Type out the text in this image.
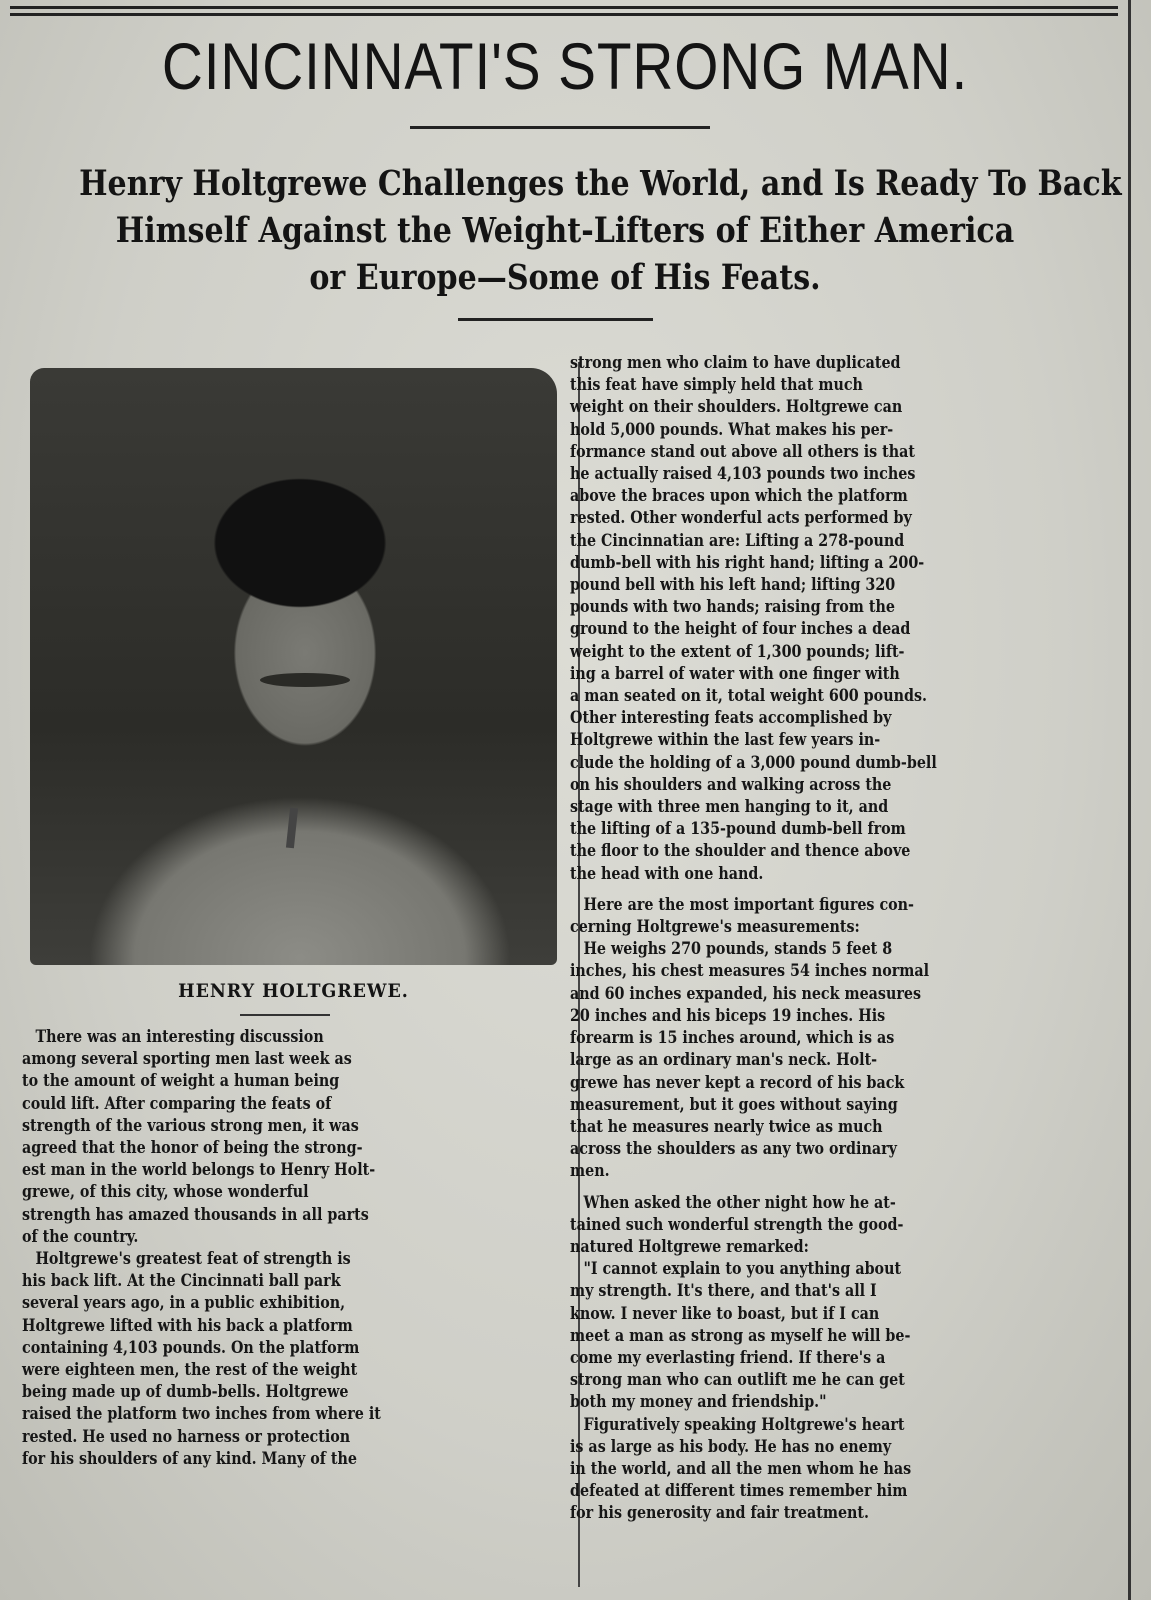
CINCINNATI'S STRONG MAN.
Henry Holtgrewe Challenges the World, and Is Ready To Back
Himself Against the Weight-Lifters of Either America
or Europe—Some of His Feats.
HENRY HOLTGREWE.

There was an interesting discussion

among several sporting men last week as

to the amount of weight a human being

could lift. After comparing the feats of

strength of the various strong men, it was

agreed that the honor of being the strong-

est man in the world belongs to Henry Holt-

grewe, of this city, whose wonderful

strength has amazed thousands in all parts

of the country.

Holtgrewe's greatest feat of strength is

his back lift. At the Cincinnati ball park

several years ago, in a public exhibition,

Holtgrewe lifted with his back a platform

containing 4,103 pounds. On the platform

were eighteen men, the rest of the weight

being made up of dumb-bells. Holtgrewe

raised the platform two inches from where it

rested. He used no harness or protection

for his shoulders of any kind. Many of the

strong men who claim to have duplicated

this feat have simply held that much

weight on their shoulders. Holtgrewe can

hold 5,000 pounds. What makes his per-

formance stand out above all others is that

he actually raised 4,103 pounds two inches

above the braces upon which the platform

rested. Other wonderful acts performed by

the Cincinnatian are: Lifting a 278-pound

dumb-bell with his right hand; lifting a 200-

pound bell with his left hand; lifting 320

pounds with two hands; raising from the

ground to the height of four inches a dead

weight to the extent of 1,300 pounds; lift-

ing a barrel of water with one finger with

a man seated on it, total weight 600 pounds.

Other interesting feats accomplished by

Holtgrewe within the last few years in-

clude the holding of a 3,000 pound dumb-bell

on his shoulders and walking across the

stage with three men hanging to it, and

the lifting of a 135-pound dumb-bell from

the floor to the shoulder and thence above

the head with one hand.

Here are the most important figures con-

cerning Holtgrewe's measurements:

He weighs 270 pounds, stands 5 feet 8

inches, his chest measures 54 inches normal

and 60 inches expanded, his neck measures

20 inches and his biceps 19 inches. His

forearm is 15 inches around, which is as

large as an ordinary man's neck. Holt-

grewe has never kept a record of his back

measurement, but it goes without saying

that he measures nearly twice as much

across the shoulders as any two ordinary

men.

When asked the other night how he at-

tained such wonderful strength the good-

natured Holtgrewe remarked:

"I cannot explain to you anything about

my strength. It's there, and that's all I

know. I never like to boast, but if I can

meet a man as strong as myself he will be-

come my everlasting friend. If there's a

strong man who can outlift me he can get

both my money and friendship."

Figuratively speaking Holtgrewe's heart

is as large as his body. He has no enemy

in the world, and all the men whom he has

defeated at different times remember him

for his generosity and fair treatment.
